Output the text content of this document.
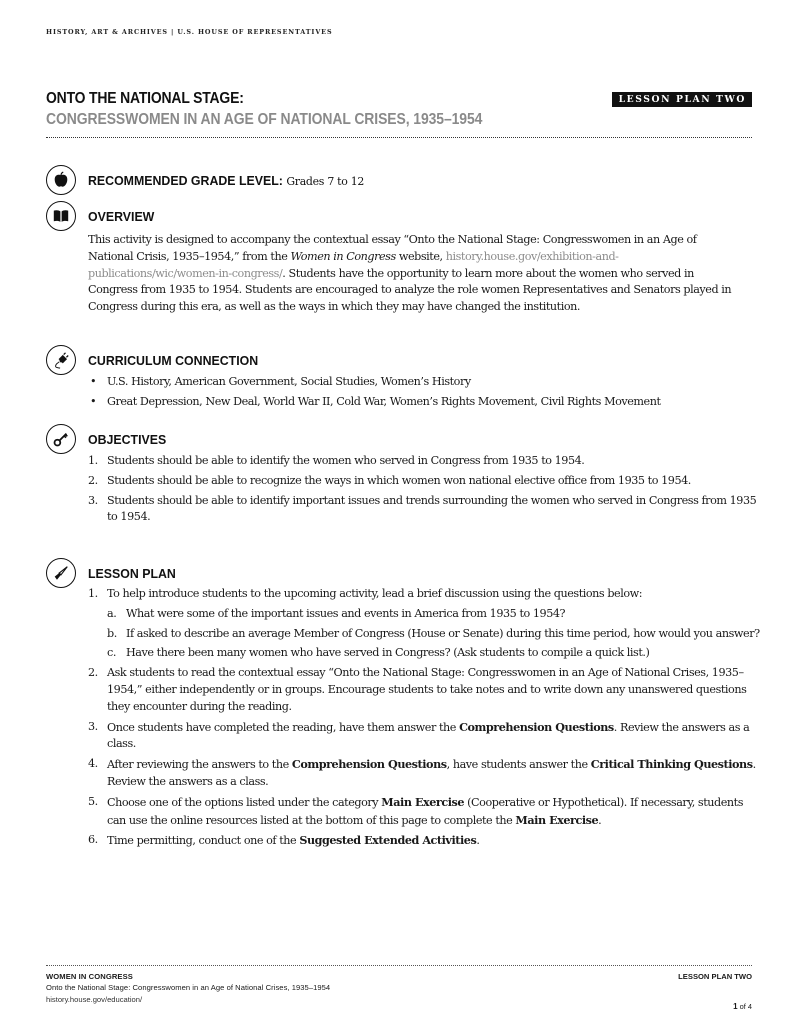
HISTORY, ART & ARCHIVES | U.S. HOUSE OF REPRESENTATIVES
ONTO THE NATIONAL STAGE:
CONGRESSWOMEN IN AN AGE OF NATIONAL CRISES, 1935–1954
LESSON PLAN TWO
RECOMMENDED GRADE LEVEL: Grades 7 to 12
OVERVIEW
This activity is designed to accompany the contextual essay “Onto the National Stage: Congresswomen in an Age of National Crisis, 1935–1954,” from the Women in Congress website, history.house.gov/exhibition-and-publications/wic/women-in-congress/. Students have the opportunity to learn more about the women who served in Congress from 1935 to 1954. Students are encouraged to analyze the role women Representatives and Senators played in Congress during this era, as well as the ways in which they may have changed the institution.
CURRICULUM CONNECTION
• U.S. History, American Government, Social Studies, Women’s History
• Great Depression, New Deal, World War II, Cold War, Women’s Rights Movement, Civil Rights Movement
OBJECTIVES
1. Students should be able to identify the women who served in Congress from 1935 to 1954.
2. Students should be able to recognize the ways in which women won national elective office from 1935 to 1954.
3. Students should be able to identify important issues and trends surrounding the women who served in Congress from 1935 to 1954.
LESSON PLAN
1. To help introduce students to the upcoming activity, lead a brief discussion using the questions below:
a. What were some of the important issues and events in America from 1935 to 1954?
b. If asked to describe an average Member of Congress (House or Senate) during this time period, how would you answer?
c. Have there been many women who have served in Congress? (Ask students to compile a quick list.)
2. Ask students to read the contextual essay “Onto the National Stage: Congresswomen in an Age of National Crises, 1935–1954,” either independently or in groups. Encourage students to take notes and to write down any unanswered questions they encounter during the reading.
3. Once students have completed the reading, have them answer the Comprehension Questions. Review the answers as a class.
4. After reviewing the answers to the Comprehension Questions, have students answer the Critical Thinking Questions. Review the answers as a class.
5. Choose one of the options listed under the category Main Exercise (Cooperative or Hypothetical). If necessary, students can use the online resources listed at the bottom of this page to complete the Main Exercise.
6. Time permitting, conduct one of the Suggested Extended Activities.
WOMEN IN CONGRESS
Onto the National Stage: Congresswomen in an Age of National Crises, 1935–1954
history.house.gov/education/
LESSON PLAN TWO
1 of 4
